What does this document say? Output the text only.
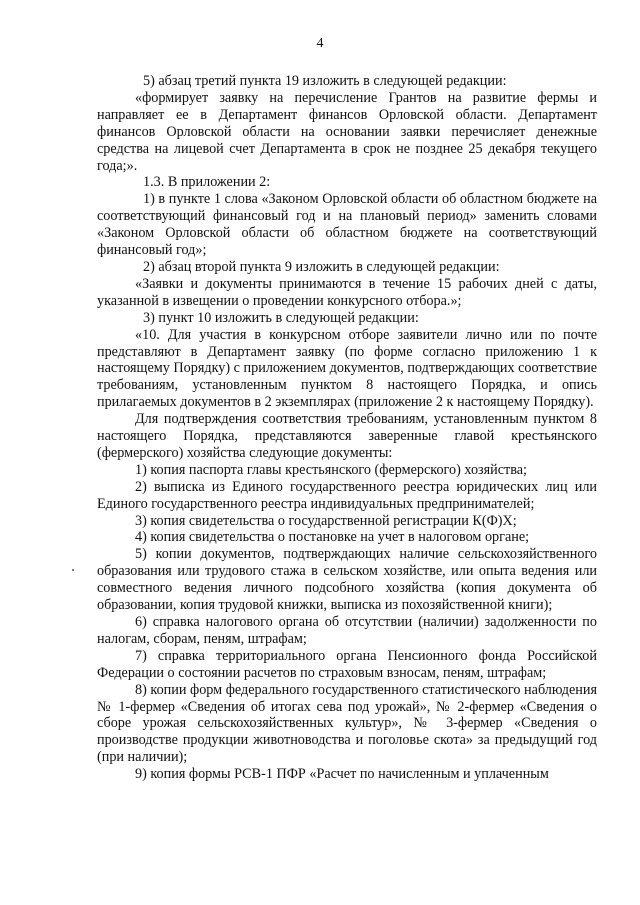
4

5) абзац третий пункта 19 изложить в следующей редакции:

«формирует заявку на перечисление Грантов на развитие фермы и направляет ее в Департамент финансов Орловской области. Департамент финансов Орловской области на основании заявки перечисляет денежные средства на лицевой счет Департамента в срок не позднее 25 декабря текущего года;».

1.3. В приложении 2:

1) в пункте 1 слова «Законом Орловской области об областном бюджете на соответствующий финансовый год и на плановый период» заменить словами «Законом Орловской области об областном бюджете на соответствующий финансовый год»;

2) абзац второй пункта 9 изложить в следующей редакции:

«Заявки и документы принимаются в течение 15 рабочих дней с даты, указанной в извещении о проведении конкурсного отбора.»;

3) пункт 10 изложить в следующей редакции:

«10. Для участия в конкурсном отборе заявители лично или по почте представляют в Департамент заявку (по форме согласно приложению 1 к настоящему Порядку) с приложением документов, подтверждающих соответствие требованиям, установленным пунктом 8 настоящего Порядка, и опись прилагаемых документов в 2 экземплярах (приложение 2 к настоящему Порядку).

Для подтверждения соответствия требованиям, установленным пунктом 8 настоящего Порядка, представляются заверенные главой крестьянского (фермерского) хозяйства следующие документы:

1) копия паспорта главы крестьянского (фермерского) хозяйства;

2) выписка из Единого государственного реестра юридических лиц или Единого государственного реестра индивидуальных предпринимателей;

3) копия свидетельства о государственной регистрации К(Ф)Х;

4) копия свидетельства о постановке на учет в налоговом органе;

5) копии документов, подтверждающих наличие сельскохозяйственного образования или трудового стажа в сельском хозяйстве, или опыта ведения или совместного ведения личного подсобного хозяйства (копия документа об образовании, копия трудовой книжки, выписка из похозяйственной книги);

6) справка налогового органа об отсутствии (наличии) задолженности по налогам, сборам, пеням, штрафам;

7) справка территориального органа Пенсионного фонда Российской Федерации о состоянии расчетов по страховым взносам, пеням, штрафам;

8) копии форм федерального государственного статистического наблюдения № 1-фермер «Сведения об итогах сева под урожай», № 2-фермер «Сведения о сборе урожая сельскохозяйственных культур», № 3-фермер «Сведения о производстве продукции животноводства и поголовье скота» за предыдущий год (при наличии);

9) копия формы РСВ-1 ПФР «Расчет по начисленным и уплаченным
